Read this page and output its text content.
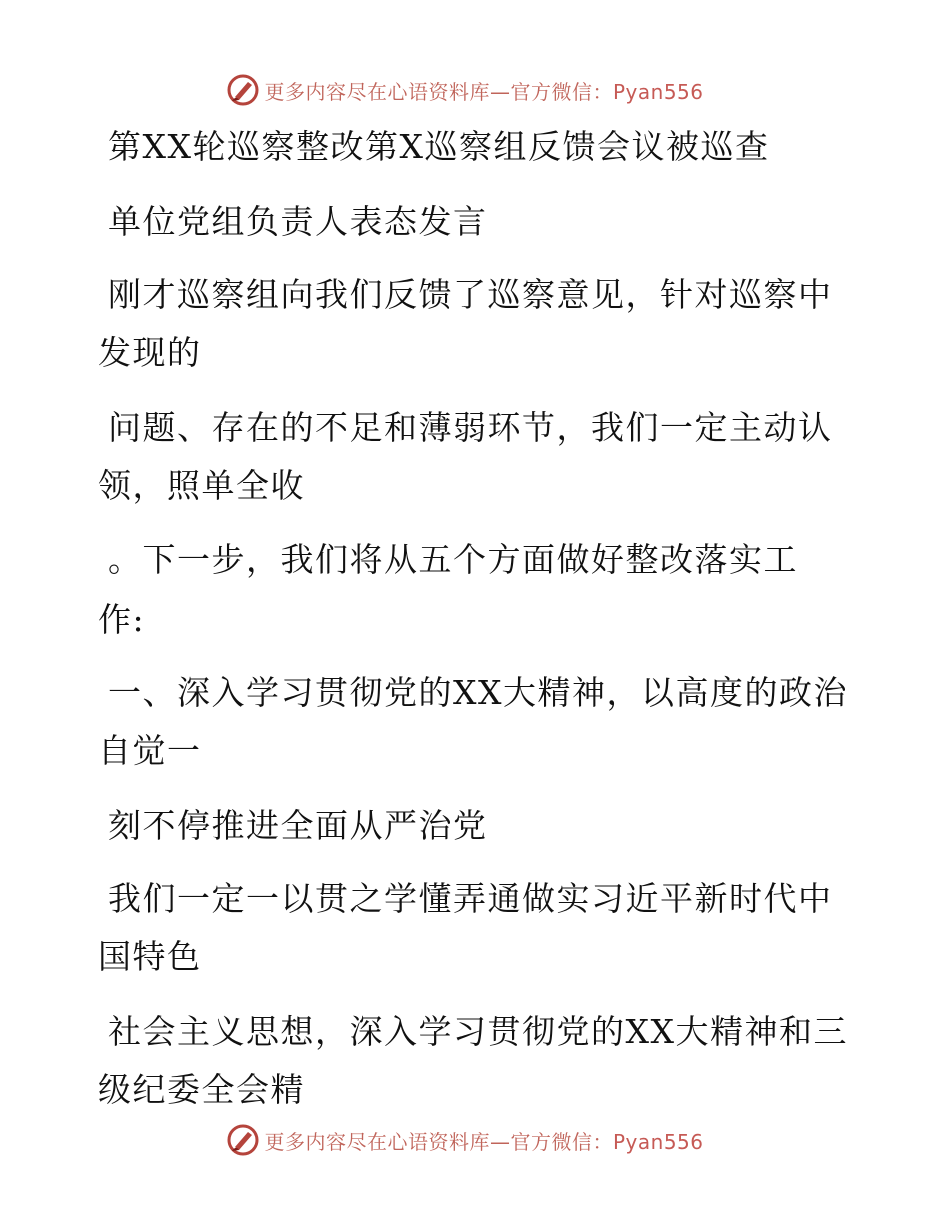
更多内容尽在心语资料库—官方微信：Pyan556
第XX轮巡察整改第X巡察组反馈会议被巡查
单位党组负责人表态发言
刚才巡察组向我们反馈了巡察意见，针对巡察中
发现的
问题、存在的不足和薄弱环节，我们一定主动认
领，照单全收
。下一步，我们将从五个方面做好整改落实工
作:
一、深入学习贯彻党的XX大精神，以高度的政治
自觉一
刻不停推进全面从严治党
我们一定一以贯之学懂弄通做实习近平新时代中
国特色
社会主义思想，深入学习贯彻党的XX大精神和三
级纪委全会精
更多内容尽在心语资料库—官方微信：Pyan556
